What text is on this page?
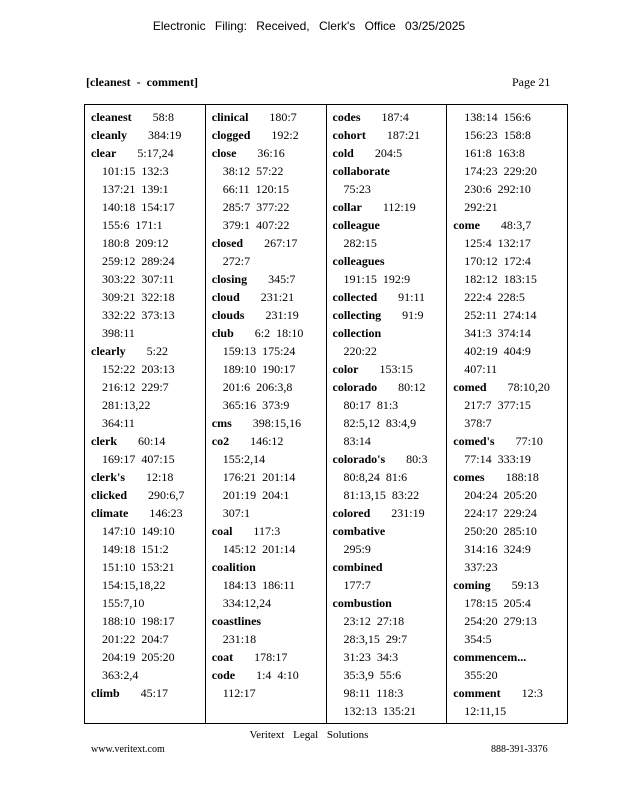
Electronic Filing: Received, Clerk's Office 03/25/2025
[cleanest - comment]	Page 21
cleanest 58:8
cleanly 384:19
clear 5:17,24
101:15  132:3
137:21  139:1
140:18  154:17
155:6  171:1
180:8  209:12
259:12  289:24
303:22  307:11
309:21  322:18
332:22  373:13
398:11
clearly 5:22
152:22  203:13
216:12  229:7
281:13,22
364:11
clerk 60:14
169:17  407:15
clerk's 12:18
clicked 290:6,7
climate 146:23
147:10  149:10
149:18  151:2
151:10  153:21
154:15,18,22
155:7,10
188:10  198:17
201:22  204:7
204:19  205:20
363:2,4
climb 45:17
clinical 180:7
clogged 192:2
close 36:16
38:12  57:22
66:11  120:15
285:7  377:22
379:1  407:22
closed 267:17
272:7
closing 345:7
cloud 231:21
clouds 231:19
club 6:2  18:10
159:13  175:24
189:10  190:17
201:6  206:3,8
365:16  373:9
cms 398:15,16
co2 146:12
155:2,14
176:21  201:14
201:19  204:1
307:1
coal 117:3
145:12  201:14
coalition
184:13  186:11
334:12,24
coastlines
231:18
coat 178:17
code 1:4  4:10
112:17
codes 187:4
cohort 187:21
cold 204:5
collaborate
75:23
collar 112:19
colleague
282:15
colleagues
191:15  192:9
collected 91:11
collecting 91:9
collection
220:22
color 153:15
colorado 80:12
80:17  81:3
82:5,12  83:4,9
83:14
colorado's 80:3
80:8,24  81:6
81:13,15  83:22
colored 231:19
combative
295:9
combined
177:7
combustion
23:12  27:18
28:3,15  29:7
31:23  34:3
35:3,9  55:6
98:11  118:3
132:13  135:21
138:14  156:6
156:23  158:8
161:8  163:8
174:23  229:20
230:6  292:10
292:21
come 48:3,7
125:4  132:17
170:12  172:4
182:12  183:15
222:4  228:5
252:11  274:14
341:3  374:14
402:19  404:9
407:11
comed 78:10,20
217:7  377:15
378:7
comed's 77:10
77:14  333:19
comes 188:18
204:24  205:20
224:17  229:24
250:20  285:10
314:16  324:9
337:23
coming 59:13
178:15  205:4
254:20  279:13
354:5
commencem...
355:20
comment 12:3
12:11,15
Veritext Legal Solutions
www.veritext.com	888-391-3376
